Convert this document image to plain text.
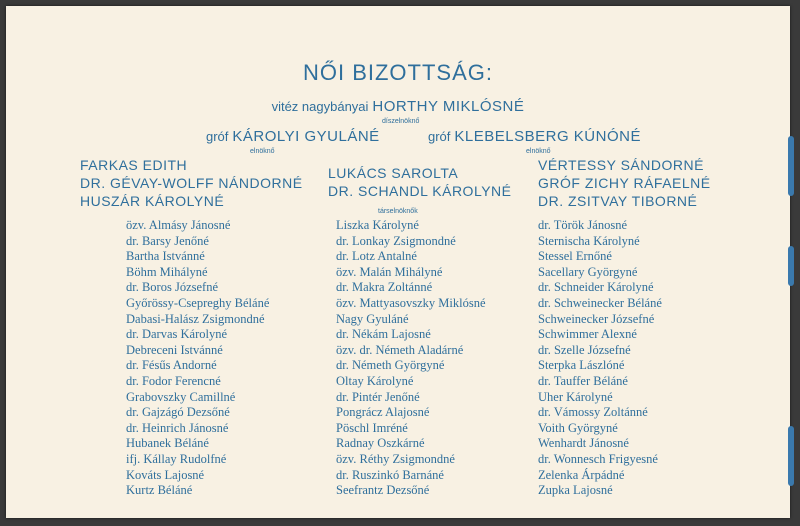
NŐI BIZOTTSÁG:
vitéz nagybányai HORTHY MIKLÓSNÉ
díszelnöknő
gróf KÁROLYI GYULÁNÉ
elnöknő
gróf KLEBELSBERG KÚNÓNÉ
elnöknő
FARKAS EDITH
DR. GÉVAY-WOLFF NÁNDORNÉ
HUSZÁR KÁROLYNÉ
LUKÁCS SAROLTA
DR. SCHANDL KÁROLYNÉ
VÉRTESSY SÁNDORNÉ
GRÓF ZICHY RÁFAELNÉ
DR. ZSITVAY TIBORNÉ
társelnöknők
özv. Almásy Jánosné
dr. Barsy Jenőné
Bartha Istvánné
Böhm Mihályné
dr. Boros Józsefné
Győrössy-Csepreghy Béláné
Dabasi-Halász Zsigmondné
dr. Darvas Károlyné
Debreceni Istvánné
dr. Fésűs Andorné
dr. Fodor Ferencné
Grabovszky Camillné
dr. Gajzágó Dezsőné
dr. Heinrich Jánosné
Hubanek Béláné
ifj. Kállay Rudolfné
Kováts Lajosné
Kurtz Béláné
Liszka Károlyné
dr. Lonkay Zsigmondné
dr. Lotz Antalné
özv. Malán Mihályné
dr. Makra Zoltánné
özv. Mattyasovszky Miklósné
Nagy Gyuláné
dr. Nékám Lajosné
özv. dr. Németh Aladárné
dr. Németh Györgyné
Oltay Károlyné
dr. Pintér Jenőné
Pongrácz Alajosné
Pöschl Imréné
Radnay Oszkárné
özv. Réthy Zsigmondné
dr. Ruszinkó Barnáné
Seefrantz Dezsőné
dr. Török Jánosné
Sternischa Károlyné
Stessel Ernőné
Sacellary Györgyné
dr. Schneider Károlyné
dr. Schweinecker Béláné
Schweinecker Józsefné
Schwimmer Alexné
dr. Szelle Józsefné
Sterpka Lászlóné
dr. Tauffer Béláné
Uher Károlyné
dr. Vámossy Zoltánné
Voith Györgyné
Wenhardt Jánosné
dr. Wonnesch Frigyesné
Zelenka Árpádné
Zupka Lajosné
